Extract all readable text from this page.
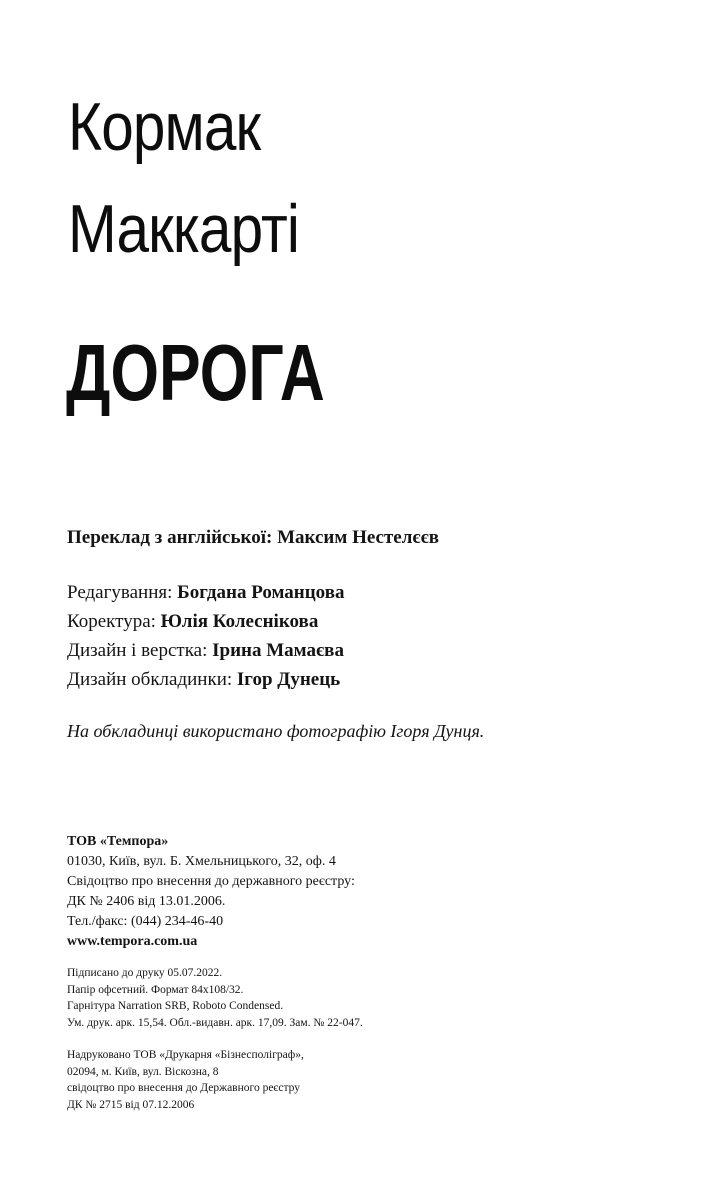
Кормак
Маккарті
ДОРОГА
Переклад з англійської: Максим Нестелєєв
Редагування: Богдана Романцова
Коректура: Юлія Колеснікова
Дизайн і верстка: Ірина Мамаєва
Дизайн обкладинки: Ігор Дунець
На обкладинці використано фотографію Ігоря Дунця.
ТОВ «Темпора»
01030, Київ, вул. Б. Хмельницького, 32, оф. 4
Свідоцтво про внесення до державного реєстру:
ДК № 2406 від 13.01.2006.
Тел./факс: (044) 234-46-40
www.tempora.com.ua
Підписано до друку 05.07.2022.
Папір офсетний. Формат 84x108/32.
Гарнітура Narration SRB, Roboto Condensed.
Ум. друк. арк. 15,54. Обл.-видавн. арк. 17,09. Зам. № 22-047.
Надруковано ТОВ «Друкарня «Бізнесполіграф»,
02094, м. Київ, вул. Віскозна, 8
свідоцтво про внесення до Державного реєстру
ДК № 2715 від 07.12.2006
